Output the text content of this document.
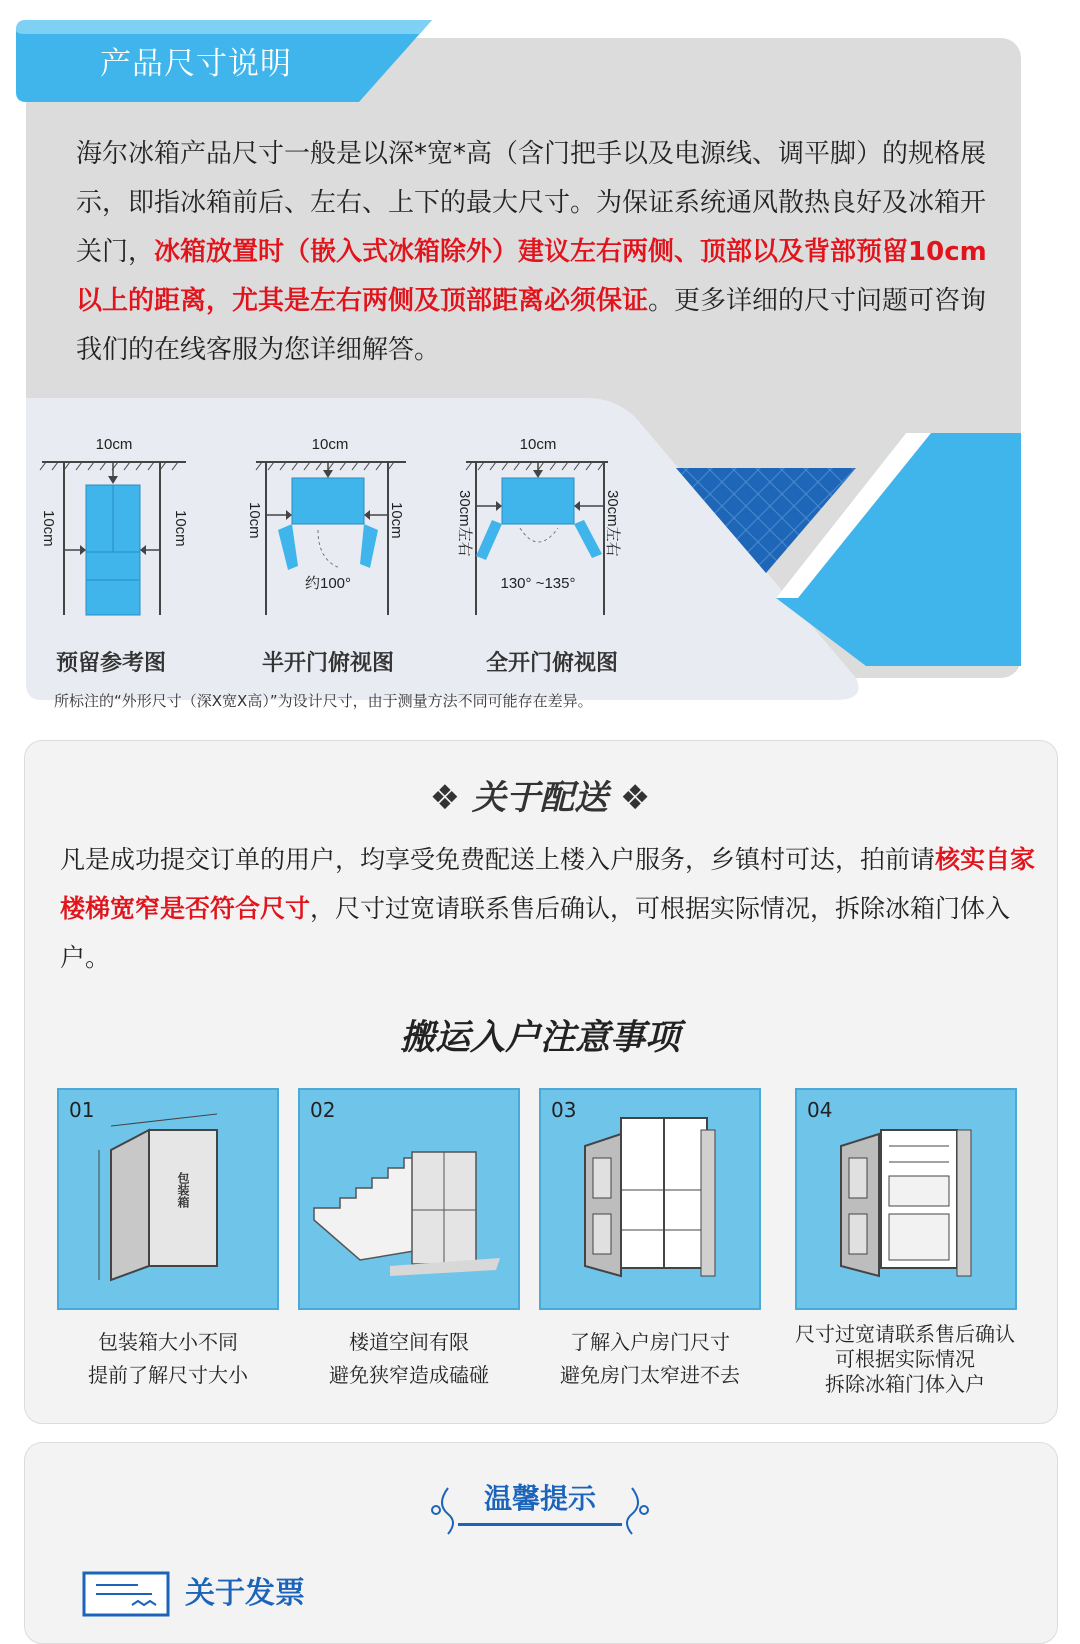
产品尺寸说明
海尔冰箱产品尺寸一般是以深*宽*高（含门把手以及电源线、调平脚）的规格展示，即指冰箱前后、左右、上下的最大尺寸。为保证系统通风散热良好及冰箱开关门，冰箱放置时（嵌入式冰箱除外）建议左右两侧、顶部以及背部预留10cm以上的距离，尤其是左右两侧及顶部距离必须保证。更多详细的尺寸问题可咨询我们的在线客服为您详细解答。
10cm
10cm	10cm
预留参考图
10cm
约100°
10cm	10cm
半开门俯视图
10cm
130° ~135°
30cm左右	30cm左右
全开门俯视图
所标注的“外形尺寸（深X宽X高）”为设计尺寸，由于测量方法不同可能存在差异。
❖ 关于配送 ❖
凡是成功提交订单的用户，均享受免费配送上楼入户服务，乡镇村可达，拍前请核实自家楼梯宽窄是否符合尺寸，尺寸过宽请联系售后确认，可根据实际情况，拆除冰箱门体入户。
搬运入户注意事项
01
包装箱
包装箱大小不同
提前了解尺寸大小
02
楼道空间有限
避免狭窄造成磕碰
03
了解入户房门尺寸
避免房门太窄进不去
04
尺寸过宽请联系售后确认
可根据实际情况
拆除冰箱门体入户
温馨提示
关于发票
